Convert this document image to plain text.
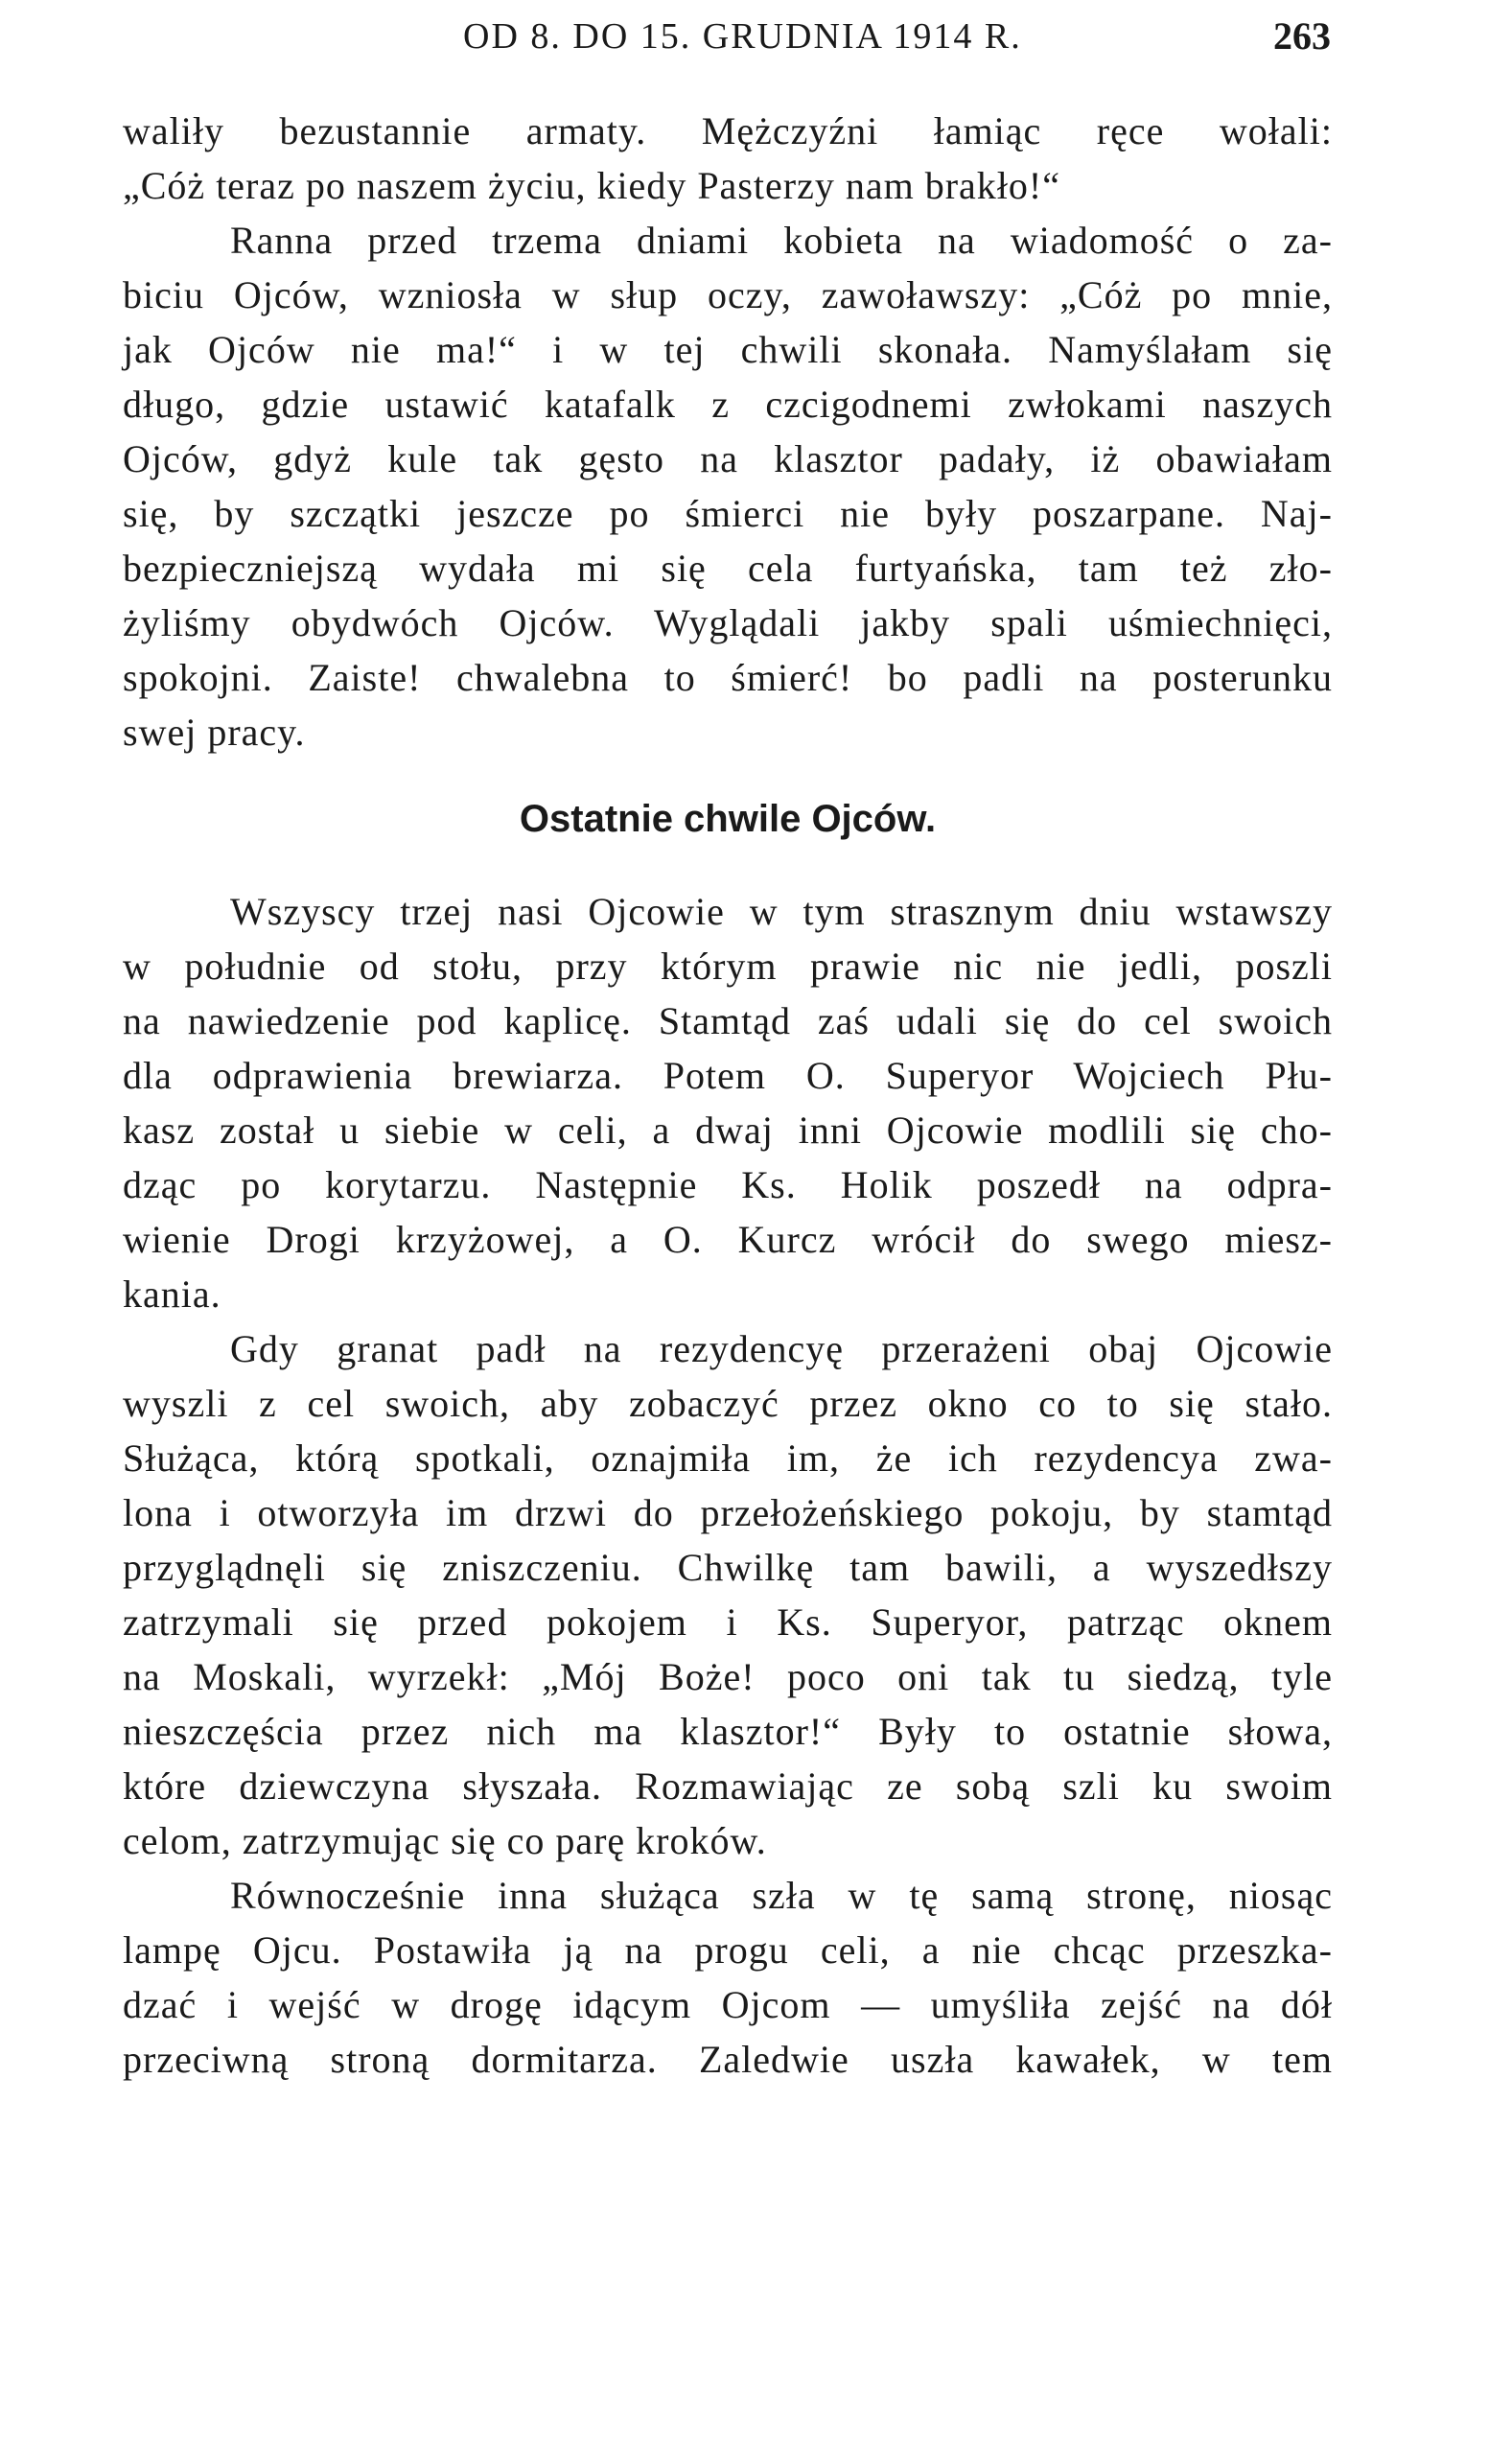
OD 8. DO 15. GRUDNIA 1914 R.	263
waliły bezustannie armaty. Mężczyźni łamiąc ręce wołali:
„Cóż teraz po naszem życiu, kiedy Pasterzy nam brakło!“
Ranna przed trzema dniami kobieta na wiadomość o za-
biciu Ojców, wzniosła w słup oczy, zawoławszy: „Cóż po mnie,
jak Ojców nie ma!“ i w tej chwili skonała. Namyślałam się
długo, gdzie ustawić katafalk z czcigodnemi zwłokami naszych
Ojców, gdyż kule tak gęsto na klasztor padały, iż obawiałam
się, by szczątki jeszcze po śmierci nie były poszarpane. Naj-
bezpieczniejszą wydała mi się cela furtyańska, tam też zło-
żyliśmy obydwóch Ojców. Wyglądali jakby spali uśmiechnięci,
spokojni. Zaiste! chwalebna to śmierć! bo padli na posterunku
swej pracy.
Ostatnie chwile Ojców.
Wszyscy trzej nasi Ojcowie w tym strasznym dniu wstawszy
w południe od stołu, przy którym prawie nic nie jedli, poszli
na nawiedzenie pod kaplicę. Stamtąd zaś udali się do cel swoich
dla odprawienia brewiarza. Potem O. Superyor Wojciech Płu-
kasz został u siebie w celi, a dwaj inni Ojcowie modlili się cho-
dząc po korytarzu. Następnie Ks. Holik poszedł na odpra-
wienie Drogi krzyżowej, a O. Kurcz wrócił do swego miesz-
kania.
Gdy granat padł na rezydencyę przerażeni obaj Ojcowie
wyszli z cel swoich, aby zobaczyć przez okno co to się stało.
Służąca, którą spotkali, oznajmiła im, że ich rezydencya zwa-
lona i otworzyła im drzwi do przełożeńskiego pokoju, by stamtąd
przyglądnęli się zniszczeniu. Chwilkę tam bawili, a wyszedłszy
zatrzymali się przed pokojem i Ks. Superyor, patrząc oknem
na Moskali, wyrzekł: „Mój Boże! poco oni tak tu siedzą, tyle
nieszczęścia przez nich ma klasztor!“ Były to ostatnie słowa,
które dziewczyna słyszała. Rozmawiając ze sobą szli ku swoim
celom, zatrzymując się co parę kroków.
Równocześnie inna służąca szła w tę samą stronę, niosąc
lampę Ojcu. Postawiła ją na progu celi, a nie chcąc przeszka-
dzać i wejść w drogę idącym Ojcom — umyśliła zejść na dół
przeciwną stroną dormitarza. Zaledwie uszła kawałek, w tem
